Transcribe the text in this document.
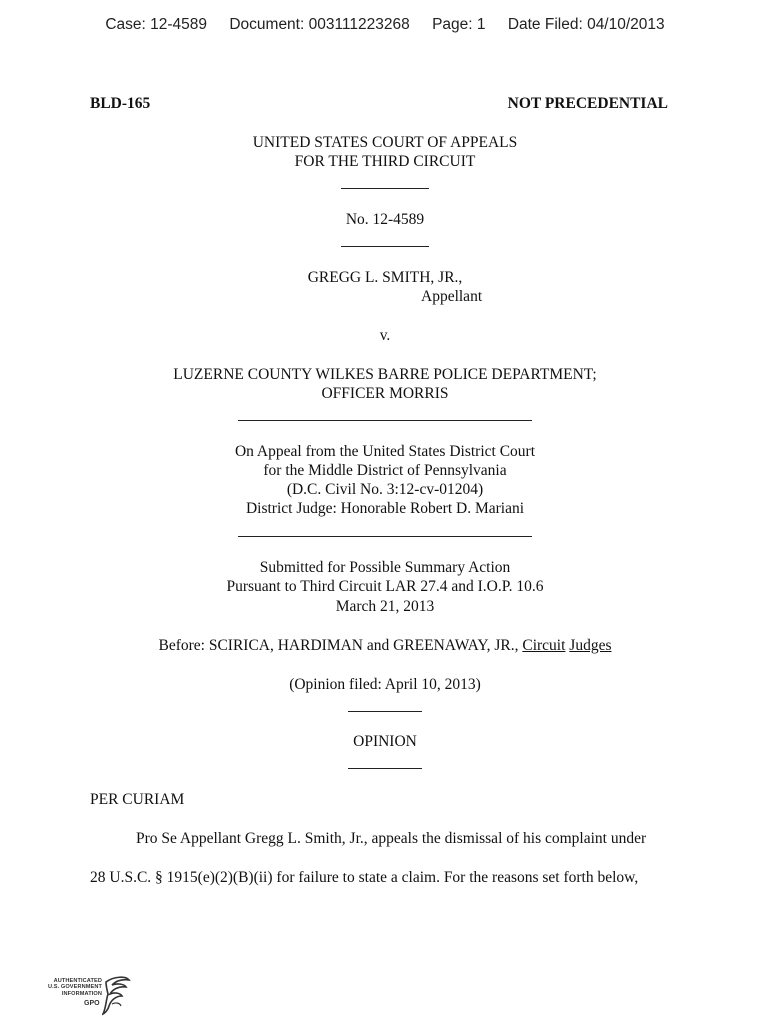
Case: 12-4589 Document: 003111223268 Page: 1 Date Filed: 04/10/2013
BLD-165	NOT PRECEDENTIAL
UNITED STATES COURT OF APPEALS
FOR THE THIRD CIRCUIT
No. 12-4589
GREGG L. SMITH, JR.,
Appellant
v.
LUZERNE COUNTY WILKES BARRE POLICE DEPARTMENT;
OFFICER MORRIS
On Appeal from the United States District Court
for the Middle District of Pennsylvania
(D.C. Civil No. 3:12-cv-01204)
District Judge: Honorable Robert D. Mariani
Submitted for Possible Summary Action
Pursuant to Third Circuit LAR 27.4 and I.O.P. 10.6
March 21, 2013
Before: SCIRICA, HARDIMAN and GREENAWAY, JR., Circuit Judges
(Opinion filed: April 10, 2013)
OPINION
PER CURIAM
Pro Se Appellant Gregg L. Smith, Jr., appeals the dismissal of his complaint under
28 U.S.C. § 1915(e)(2)(B)(ii) for failure to state a claim. For the reasons set forth below,
AUTHENTICATED
U.S. GOVERNMENT
INFORMATION
GPO
